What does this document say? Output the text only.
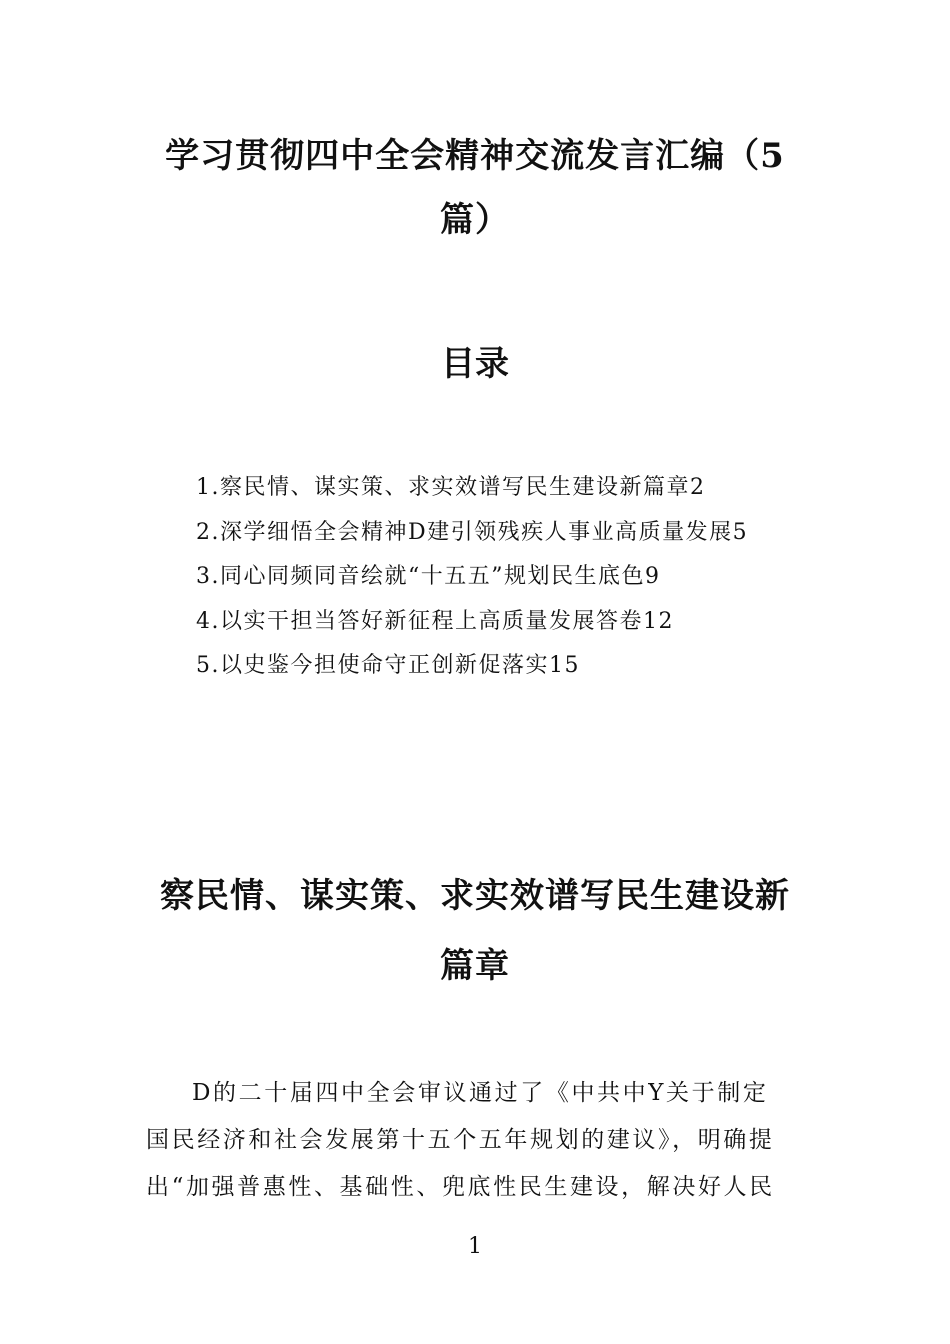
学习贯彻四中全会精神交流发言汇编（5
篇）
目录
1.察民情、谋实策、求实效谱写民生建设新篇章2
2.深学细悟全会精神D建引领残疾人事业高质量发展5
3.同心同频同音绘就“十五五”规划民生底色9
4.以实干担当答好新征程上高质量发展答卷12
5.以史鉴今担使命守正创新促落实15
察民情、谋实策、求实效谱写民生建设新
篇章
D的二十届四中全会审议通过了《中共中Y关于制定
国民经济和社会发展第十五个五年规划的建议》，明确提
出“加强普惠性、基础性、兜底性民生建设，解决好人民
1
